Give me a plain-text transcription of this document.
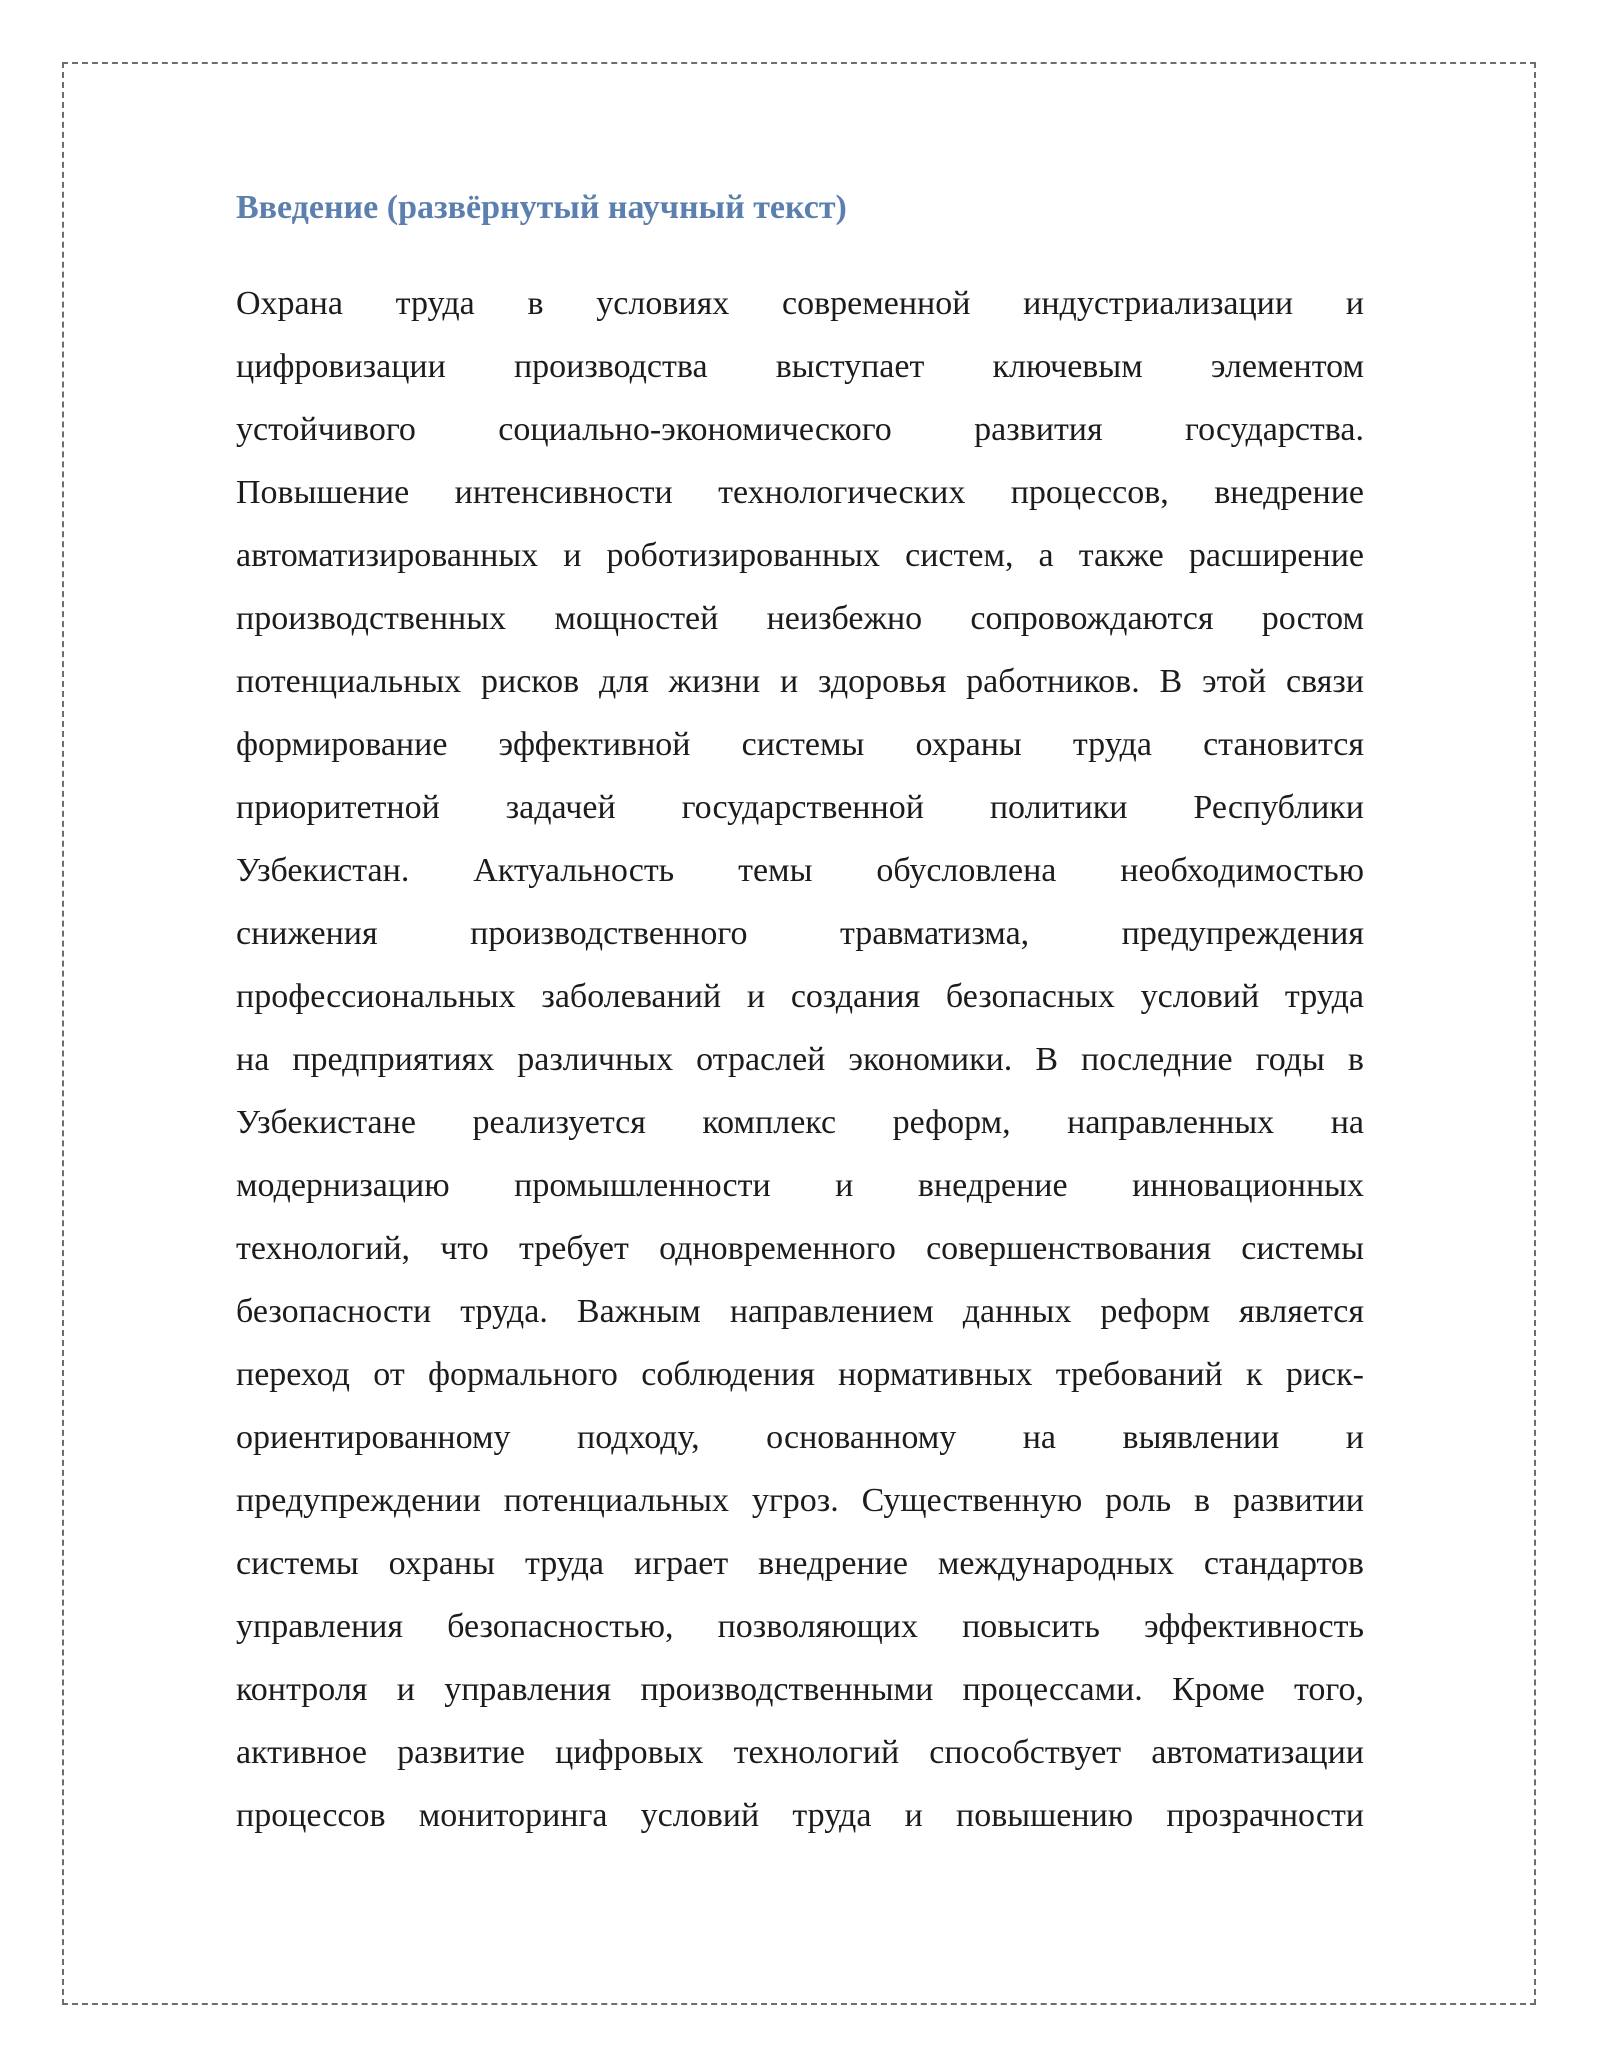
Введение (развёрнутый научный текст)
Охрана труда в условиях современной индустриализации и
цифровизации производства выступает ключевым элементом
устойчивого социально-экономического развития государства.
Повышение интенсивности технологических процессов, внедрение
автоматизированных и роботизированных систем, а также расширение
производственных мощностей неизбежно сопровождаются ростом
потенциальных рисков для жизни и здоровья работников. В этой связи
формирование эффективной системы охраны труда становится
приоритетной задачей государственной политики Республики
Узбекистан. Актуальность темы обусловлена необходимостью
снижения производственного травматизма, предупреждения
профессиональных заболеваний и создания безопасных условий труда
на предприятиях различных отраслей экономики. В последние годы в
Узбекистане реализуется комплекс реформ, направленных на
модернизацию промышленности и внедрение инновационных
технологий, что требует одновременного совершенствования системы
безопасности труда. Важным направлением данных реформ является
переход от формального соблюдения нормативных требований к риск-
ориентированному подходу, основанному на выявлении и
предупреждении потенциальных угроз. Существенную роль в развитии
системы охраны труда играет внедрение международных стандартов
управления безопасностью, позволяющих повысить эффективность
контроля и управления производственными процессами. Кроме того,
активное развитие цифровых технологий способствует автоматизации
процессов мониторинга условий труда и повышению прозрачности
